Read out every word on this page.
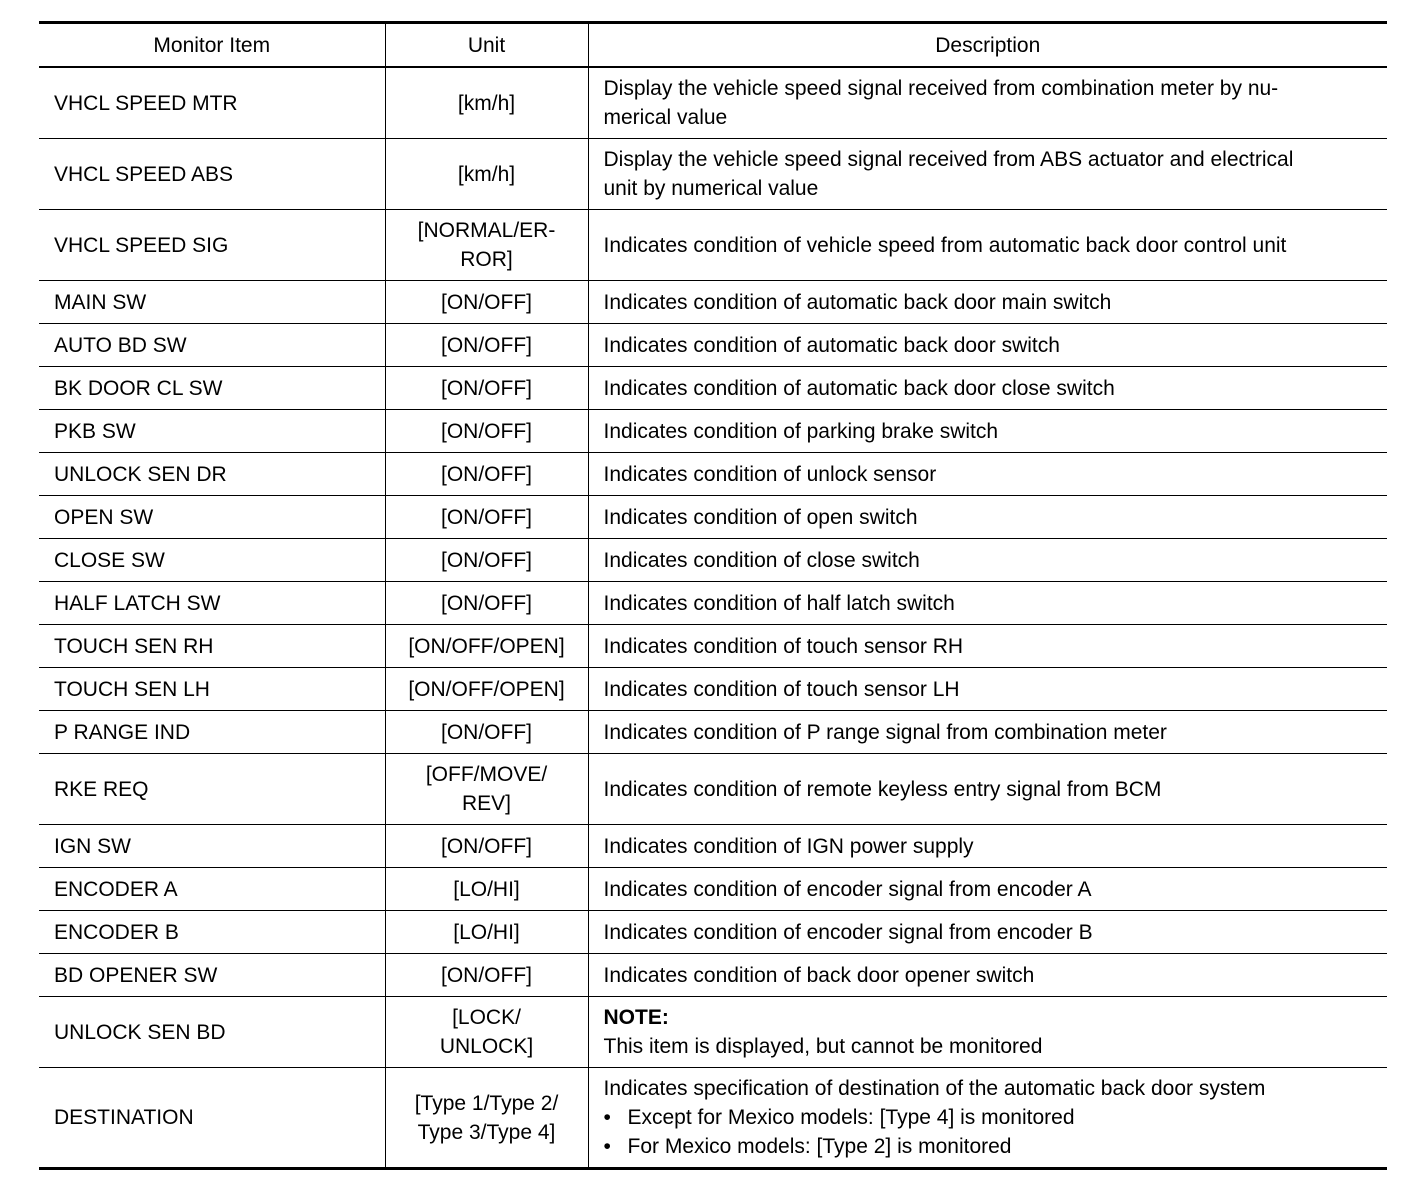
Monitor Item	Unit	Description
VHCL SPEED MTR	[km/h]	Display the vehicle speed signal received from combination meter by nu-
merical value

VHCL SPEED ABS	[km/h]	Display the vehicle speed signal received from ABS actuator and electrical
unit by numerical value

VHCL SPEED SIG	[NORMAL/ER-
ROR]	Indicates condition of vehicle speed from automatic back door control unit

MAIN SW	[ON/OFF]	Indicates condition of automatic back door main switch

AUTO BD SW	[ON/OFF]	Indicates condition of automatic back door switch

BK DOOR CL SW	[ON/OFF]	Indicates condition of automatic back door close switch

PKB SW	[ON/OFF]	Indicates condition of parking brake switch

UNLOCK SEN DR	[ON/OFF]	Indicates condition of unlock sensor

OPEN SW	[ON/OFF]	Indicates condition of open switch

CLOSE SW	[ON/OFF]	Indicates condition of close switch

HALF LATCH SW	[ON/OFF]	Indicates condition of half latch switch

TOUCH SEN RH	[ON/OFF/OPEN]	Indicates condition of touch sensor RH

TOUCH SEN LH	[ON/OFF/OPEN]	Indicates condition of touch sensor LH

P RANGE IND	[ON/OFF]	Indicates condition of P range signal from combination meter

RKE REQ	[OFF/MOVE/
REV]	Indicates condition of remote keyless entry signal from BCM

IGN SW	[ON/OFF]	Indicates condition of IGN power supply

ENCODER A	[LO/HI]	Indicates condition of encoder signal from encoder A

ENCODER B	[LO/HI]	Indicates condition of encoder signal from encoder B

BD OPENER SW	[ON/OFF]	Indicates condition of back door opener switch

UNLOCK SEN BD	[LOCK/
UNLOCK]	NOTE:
This item is displayed, but cannot be monitored

DESTINATION	[Type 1/Type 2/
Type 3/Type 4]	Indicates specification of destination of the automatic back door system
• Except for Mexico models: [Type 4] is monitored
• For Mexico models: [Type 2] is monitored
